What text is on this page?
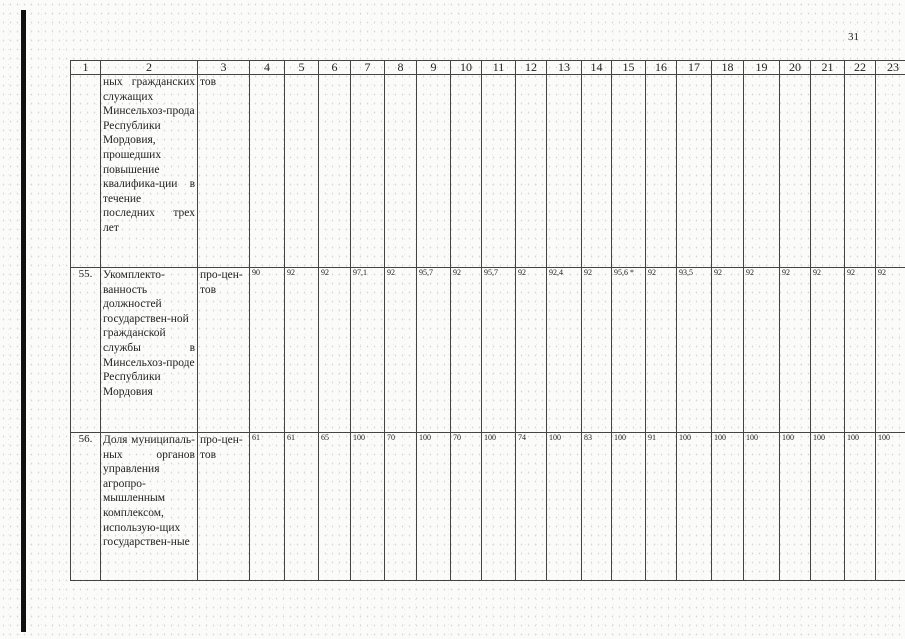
31
1	2	3	4	5	6	7	8	9	10	11	12	13	14	15	16	17	18	19	20	21	22	23
	ных гражданских служащих Минсельхоз-прода Республики Мордовия, прошедших повышение квалифика-ции в течение последних трех лет	тов																				
55.	Укомплекто-ванность должностей государствен-ной гражданской службы в Минсельхоз-проде Республики Мордовия	про-цен-тов	90	92	92	97,1	92	95,7	92	95,7	92	92,4	92	95,6 *	92	93,5	92	92	92	92	92	92
56.	Доля муниципаль-ных органов управления агропро-мышленным комплексом, использую-щих государствен-ные	про-цен-тов	61	61	65	100	70	100	70	100	74	100	83	100	91	100	100	100	100	100	100	100
